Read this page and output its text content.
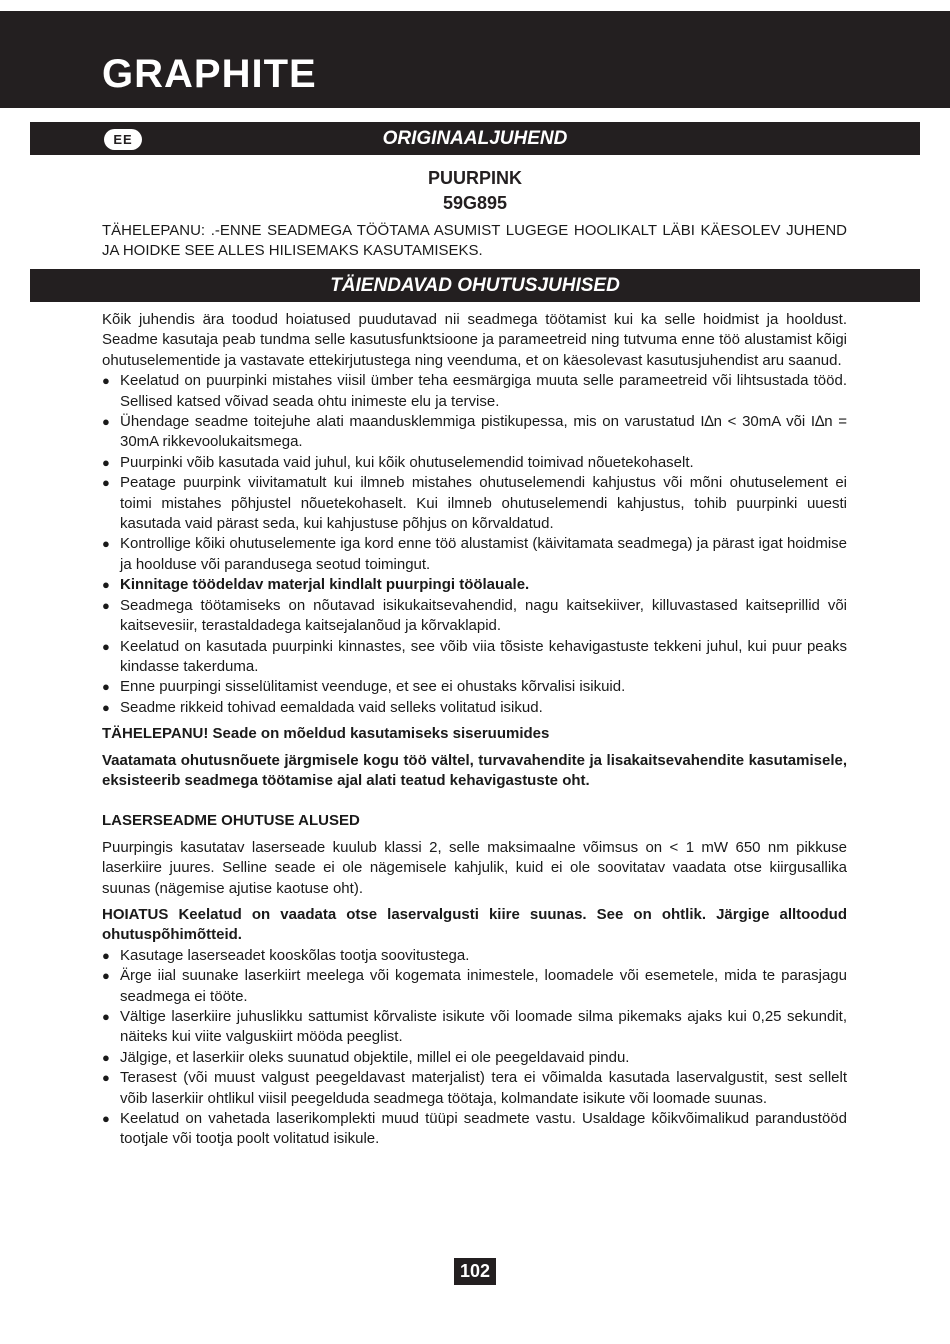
GRAPHITE
ORIGINAALJUHEND
EE
PUURPINK
59G895
TÄHELEPANU: .-ENNE SEADMEGA TÖÖTAMA ASUMIST LUGEGE HOOLIKALT LÄBI KÄESOLEV JUHEND JA HOIDKE SEE ALLES HILISEMAKS KASUTAMISEKS.
TÄIENDAVAD OHUTUSJUHISED

Kõik juhendis ära toodud hoiatused puudutavad nii seadmega töötamist kui ka selle hoidmist ja hooldust. Seadme kasutaja peab tundma selle kasutusfunktsioone ja parameetreid ning tutvuma enne töö alustamist kõigi ohutuselementide ja vastavate ettekirjutustega ning veenduma, et on käesolevast kasutusjuhendist aru saanud.

● Keelatud on puurpinki mistahes viisil ümber teha eesmärgiga muuta selle parameetreid või lihtsustada tööd. Sellised katsed võivad seada ohtu inimeste elu ja tervise.
● Ühendage seadme toitejuhe alati maandusklemmiga pistikupessa, mis on varustatud I∆n < 30mA või I∆n = 30mA rikkevoolukaitsmega.
● Puurpinki võib kasutada vaid juhul, kui kõik ohutuselemendid toimivad nõuetekohaselt.
● Peatage puurpink viivitamatult kui ilmneb mistahes ohutuselemendi kahjustus või mõni ohutuselement ei toimi mistahes põhjustel nõuetekohaselt. Kui ilmneb ohutuselemendi kahjustus, tohib puurpinki uuesti kasutada vaid pärast seda, kui kahjustuse põhjus on kõrvaldatud.
● Kontrollige kõiki ohutuselemente iga kord enne töö alustamist (käivitamata seadmega) ja pärast igat hoidmise ja hoolduse või parandusega seotud toimingut.
● Kinnitage töödeldav materjal kindlalt puurpingi töölauale.
● Seadmega töötamiseks on nõutavad isikukaitsevahendid, nagu kaitsekiiver, killuvastased kaitseprillid või kaitsevesiir, terastaldadega kaitsejalanõud ja kõrvaklapid.
● Keelatud on kasutada puurpinki kinnastes, see võib viia tõsiste kehavigastuste tekkeni juhul, kui puur peaks kindasse takerduma.
● Enne puurpingi sisselülitamist veenduge, et see ei ohustaks kõrvalisi isikuid.
● Seadme rikkeid tohivad eemaldada vaid selleks volitatud isikud.

TÄHELEPANU! Seade on mõeldud kasutamiseks siseruumides

Vaatamata ohutusnõuete järgmisele kogu töö vältel, turvavahendite ja lisakaitsevahendite kasutamisele, eksisteerib seadmega töötamise ajal alati teatud kehavigastuste oht.

LASERSEADME OHUTUSE ALUSED

Puurpingis kasutatav laserseade kuulub klassi 2, selle maksimaalne võimsus on < 1 mW 650 nm pikkuse laserkiire juures. Selline seade ei ole nägemisele kahjulik, kuid ei ole soovitatav vaadata otse kiirgusallika suunas (nägemise ajutise kaotuse oht).

HOIATUS Keelatud on vaadata otse laservalgusti kiire suunas. See on ohtlik. Järgige alltoodud ohutuspõhimõtteid.

● Kasutage laserseadet kooskõlas tootja soovitustega.
● Ärge iial suunake laserkiirt meelega või kogemata inimestele, loomadele või esemetele, mida te parasjagu seadmega ei tööte.
● Vältige laserkiire juhuslikku sattumist kõrvaliste isikute või loomade silma pikemaks ajaks kui 0,25 sekundit, näiteks kui viite valguskiirt mööda peeglist.
● Jälgige, et laserkiir oleks suunatud objektile, millel ei ole peegeldavaid pindu.
● Terasest (või muust valgust peegeldavast materjalist) tera ei võimalda kasutada laservalgustit, sest sellelt võib laserkiir ohtlikul viisil peegelduda seadmega töötaja, kolmandate isikute või loomade suunas.
● Keelatud on vahetada laserikomplekti muud tüüpi seadmete vastu. Usaldage kõikvõimalikud parandustööd tootjale või tootja poolt volitatud isikule.
102
